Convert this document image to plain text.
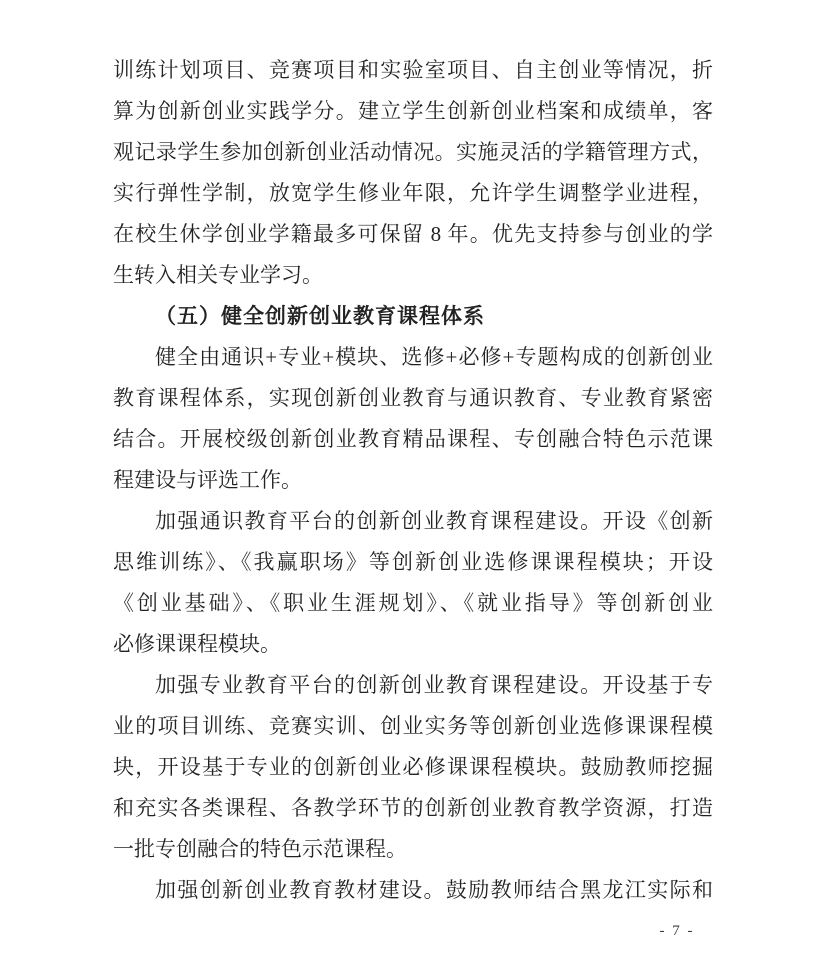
训练计划项目、竞赛项目和实验室项目、自主创业等情况，折
算为创新创业实践学分。建立学生创新创业档案和成绩单，客
观记录学生参加创新创业活动情况。实施灵活的学籍管理方式，
实行弹性学制，放宽学生修业年限，允许学生调整学业进程，
在校生休学创业学籍最多可保留 8 年。优先支持参与创业的学
生转入相关专业学习。
（五）健全创新创业教育课程体系
健全由通识+专业+模块、选修+必修+专题构成的创新创业
教育课程体系，实现创新创业教育与通识教育、专业教育紧密
结合。开展校级创新创业教育精品课程、专创融合特色示范课
程建设与评选工作。
加强通识教育平台的创新创业教育课程建设。开设《创新
思维训练》、《我赢职场》等创新创业选修课课程模块；开设
《创业基础》、《职业生涯规划》、《就业指导》等创新创业
必修课课程模块。
加强专业教育平台的创新创业教育课程建设。开设基于专
业的项目训练、竞赛实训、创业实务等创新创业选修课课程模
块，开设基于专业的创新创业必修课课程模块。鼓励教师挖掘
和充实各类课程、各教学环节的创新创业教育教学资源，打造
一批专创融合的特色示范课程。
加强创新创业教育教材建设。鼓励教师结合黑龙江实际和
- 7 -
